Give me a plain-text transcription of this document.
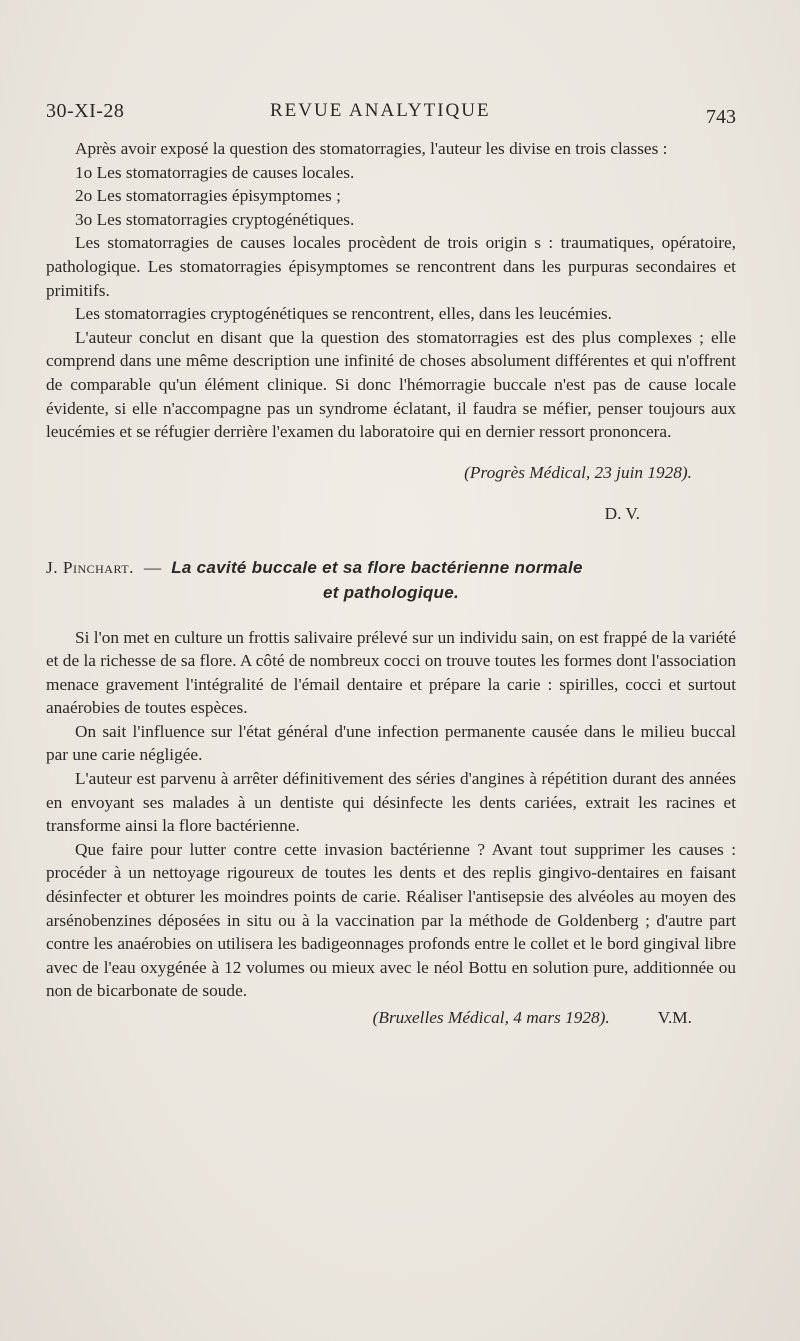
30-XI-28	REVUE ANALYTIQUE	743

Après avoir exposé la question des stomatorragies, l'auteur les divise en trois classes :

1o Les stomatorragies de causes locales.

2o Les stomatorragies épisymptomes ;

3o Les stomatorragies cryptogénétiques.

Les stomatorragies de causes locales procèdent de trois origin s : traumatiques, opératoire, pathologique. Les stomatorragies épisymptomes se rencontrent dans les purpuras secondaires et primitifs.

Les stomatorragies cryptogénétiques se rencontrent, elles, dans les leucémies.

L'auteur conclut en disant que la question des stomatorragies est des plus complexes ; elle comprend dans une même description une infinité de choses absolument différentes et qui n'offrent de comparable qu'un élément clinique. Si donc l'hémorragie buccale n'est pas de cause locale évidente, si elle n'accompagne pas un syndrome éclatant, il faudra se méfier, penser toujours aux leucémies et se réfugier derrière l'examen du laboratoire qui en dernier ressort prononcera.

(Progrès Médical, 23 juin 1928).

D. V.

J. Pinchart. — La cavité buccale et sa flore bactérienne normale
et pathologique.

Si l'on met en culture un frottis salivaire prélevé sur un individu sain, on est frappé de la variété et de la richesse de sa flore. A côté de nombreux cocci on trouve toutes les formes dont l'association menace gravement l'intégralité de l'émail dentaire et prépare la carie : spirilles, cocci et surtout anaérobies de toutes espèces.

On sait l'influence sur l'état général d'une infection permanente causée dans le milieu buccal par une carie négligée.

L'auteur est parvenu à arrêter définitivement des séries d'angines à répétition durant des années en envoyant ses malades à un dentiste qui désinfecte les dents cariées, extrait les racines et transforme ainsi la flore bactérienne.

Que faire pour lutter contre cette invasion bactérienne ? Avant tout supprimer les causes : procéder à un nettoyage rigoureux de toutes les dents et des replis gingivo-dentaires en faisant désinfecter et obturer les moindres points de carie. Réaliser l'antisepsie des alvéoles au moyen des arsénobenzines déposées in situ ou à la vaccination par la méthode de Goldenberg ; d'autre part contre les anaérobies on utilisera les badigeonnages profonds entre le collet et le bord gingival libre avec de l'eau oxygénée à 12 volumes ou mieux avec le néol Bottu en solution pure, additionnée ou non de bicarbonate de soude.

(Bruxelles Médical, 4 mars 1928).	V.M.
